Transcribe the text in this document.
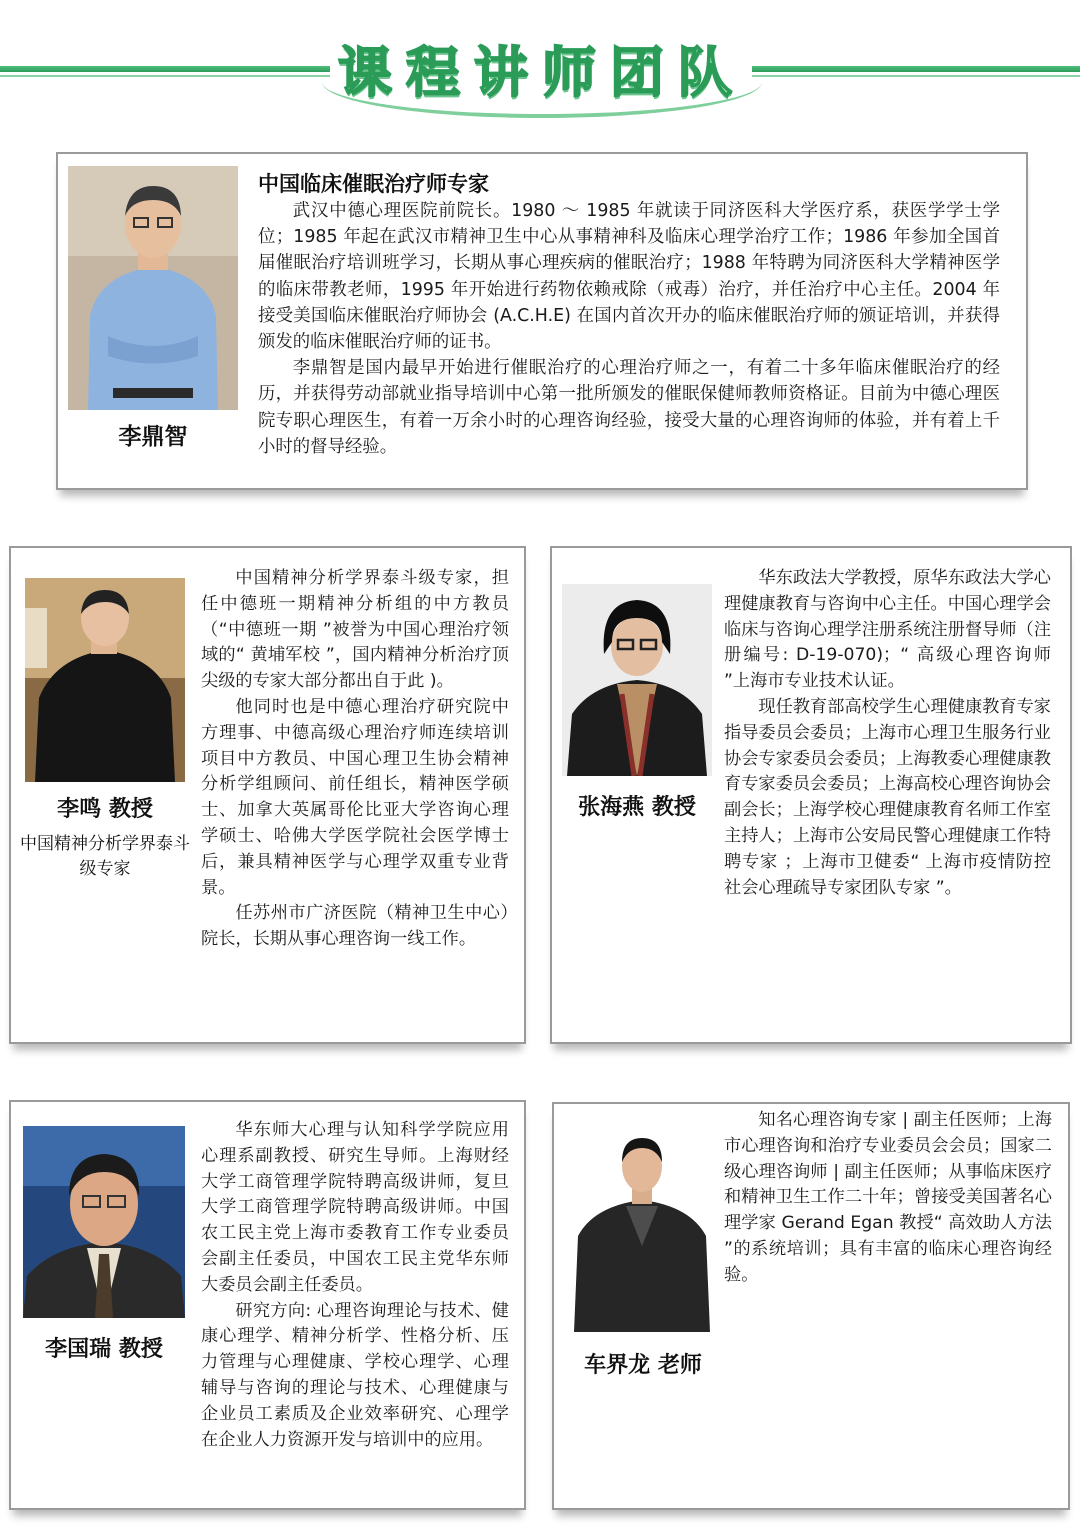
课程讲师团队
李鼎智
中国临床催眠治疗师专家

武汉中德心理医院前院长。1980 ～ 1985 年就读于同济医科大学医疗系，获医学学士学位；1985 年起在武汉市精神卫生中心从事精神科及临床心理学治疗工作；1986 年参加全国首届催眠治疗培训班学习，长期从事心理疾病的催眠治疗；1988 年特聘为同济医科大学精神医学的临床带教老师，1995 年开始进行药物依赖戒除（戒毒）治疗，并任治疗中心主任。2004 年接受美国临床催眠治疗师协会 (A.C.H.E) 在国内首次开办的临床催眠治疗师的颁证培训，并获得颁发的临床催眠治疗师的证书。

李鼎智是国内最早开始进行催眠治疗的心理治疗师之一，有着二十多年临床催眠治疗的经历，并获得劳动部就业指导培训中心第一批所颁发的催眠保健师教师资格证。目前为中德心理医院专职心理医生，有着一万余小时的心理咨询经验，接受大量的心理咨询师的体验，并有着上千小时的督导经验。

李鸣 教授
中国精神分析学界泰斗级专家

中国精神分析学界泰斗级专家，担任中德班一期精神分析组的中方教员（“中德班一期 ”被誉为中国心理治疗领域的“ 黄埔军校 ”，国内精神分析治疗顶尖级的专家大部分都出自于此 )。

他同时也是中德心理治疗研究院中方理事、中德高级心理治疗师连续培训项目中方教员、中国心理卫生协会精神分析学组顾问、前任组长，精神医学硕士、加拿大英属哥伦比亚大学咨询心理学硕士、哈佛大学医学院社会医学博士后，兼具精神医学与心理学双重专业背景。

任苏州市广济医院（精神卫生中心）院长，长期从事心理咨询一线工作。

张海燕 教授

华东政法大学教授，原华东政法大学心理健康教育与咨询中心主任。中国心理学会临床与咨询心理学注册系统注册督导师（注册编号: D-19-070)；“ 高级心理咨询师 ”上海市专业技术认证。

现任教育部高校学生心理健康教育专家指导委员会委员；上海市心理卫生服务行业协会专家委员会委员；上海教委心理健康教育专家委员会委员；上海高校心理咨询协会副会长；上海学校心理健康教育名师工作室主持人；上海市公安局民警心理健康工作特聘专家 ；上海市卫健委“ 上海市疫情防控社会心理疏导专家团队专家 ”。

李国瑞 教授

华东师大心理与认知科学学院应用心理系副教授、研究生导师。上海财经大学工商管理学院特聘高级讲师，复旦大学工商管理学院特聘高级讲师。中国农工民主党上海市委教育工作专业委员会副主任委员，中国农工民主党华东师大委员会副主任委员。

研究方向: 心理咨询理论与技术、健康心理学、精神分析学、性格分析、压力管理与心理健康、学校心理学、心理辅导与咨询的理论与技术、心理健康与企业员工素质及企业效率研究、心理学在企业人力资源开发与培训中的应用。

车界龙 老师

知名心理咨询专家 | 副主任医师；上海市心理咨询和治疗专业委员会会员；国家二级心理咨询师 | 副主任医师；从事临床医疗和精神卫生工作二十年；曾接受美国著名心理学家 Gerand Egan 教授“ 高效助人方法 ”的系统培训；具有丰富的临床心理咨询经验。
